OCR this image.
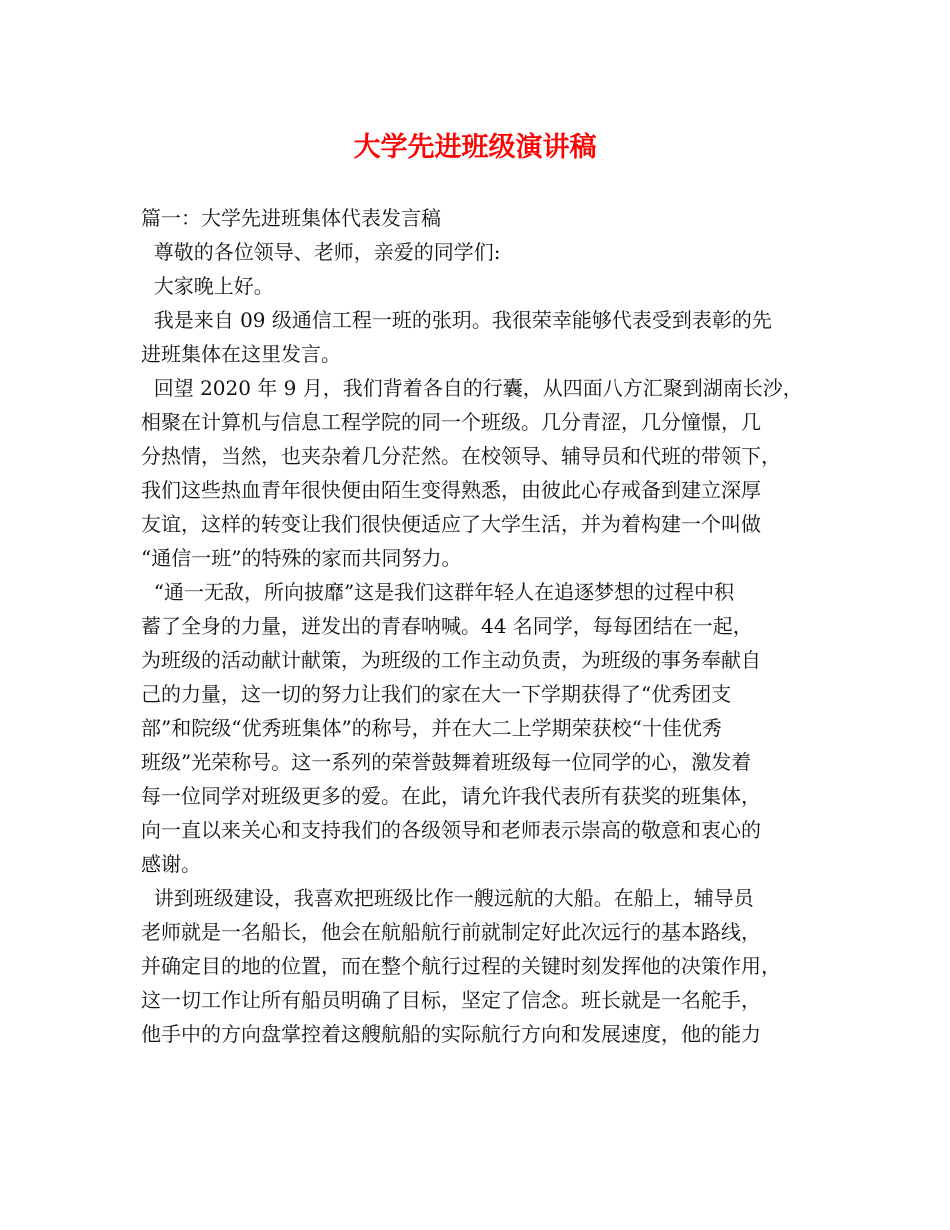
大学先进班级演讲稿
篇一：大学先进班集体代表发言稿
尊敬的各位领导、老师，亲爱的同学们:
大家晚上好。
我是来自 09 级通信工程一班的张玥。我很荣幸能够代表受到表彰的先
进班集体在这里发言。
回望 2020 年 9 月，我们背着各自的行囊，从四面八方汇聚到湖南长沙，
相聚在计算机与信息工程学院的同一个班级。几分青涩，几分憧憬，几
分热情，当然，也夹杂着几分茫然。在校领导、辅导员和代班的带领下，
我们这些热血青年很快便由陌生变得熟悉，由彼此心存戒备到建立深厚
友谊，这样的转变让我们很快便适应了大学生活，并为着构建一个叫做
“通信一班”的特殊的家而共同努力。
“通一无敌，所向披靡”这是我们这群年轻人在追逐梦想的过程中积
蓄了全身的力量，迸发出的青春呐喊。44 名同学，每每团结在一起，
为班级的活动献计献策，为班级的工作主动负责，为班级的事务奉献自
己的力量，这一切的努力让我们的家在大一下学期获得了“优秀团支
部”和院级“优秀班集体”的称号，并在大二上学期荣获校“十佳优秀
班级”光荣称号。这一系列的荣誉鼓舞着班级每一位同学的心，激发着
每一位同学对班级更多的爱。在此，请允许我代表所有获奖的班集体，
向一直以来关心和支持我们的各级领导和老师表示崇高的敬意和衷心的
感谢。
讲到班级建设，我喜欢把班级比作一艘远航的大船。在船上，辅导员
老师就是一名船长，他会在航船航行前就制定好此次远行的基本路线，
并确定目的地的位置，而在整个航行过程的关键时刻发挥他的决策作用，
这一切工作让所有船员明确了目标，坚定了信念。班长就是一名舵手，
他手中的方向盘掌控着这艘航船的实际航行方向和发展速度，他的能力
